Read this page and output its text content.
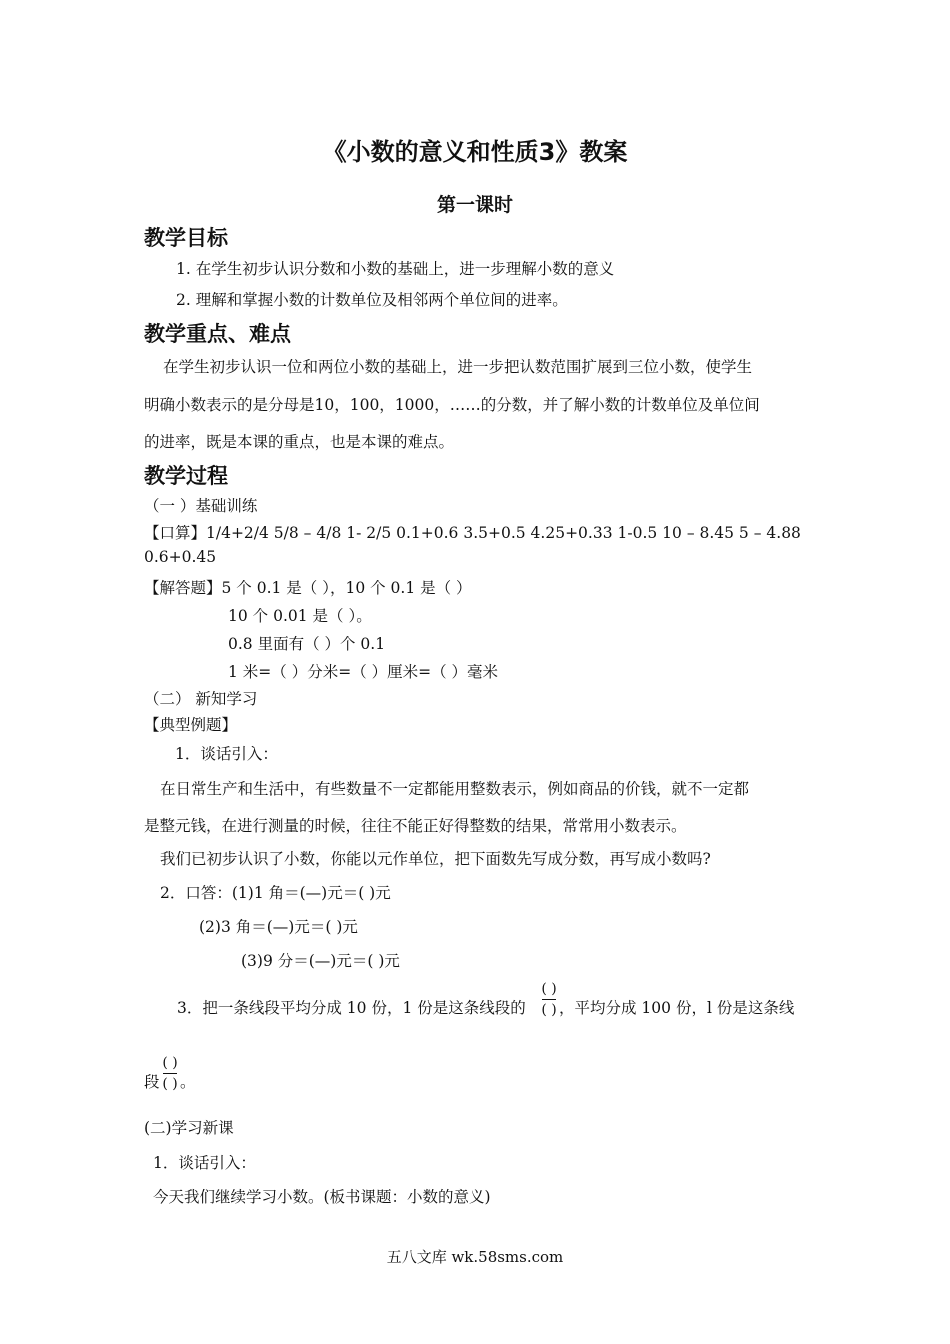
《小数的意义和性质3》教案
第一课时
教学目标
1. 在学生初步认识分数和小数的基础上，进一步理解小数的意义
2. 理解和掌握小数的计数单位及相邻两个单位间的进率。
教学重点、难点
在学生初步认识一位和两位小数的基础上，进一步把认数范围扩展到三位小数，使学生
明确小数表示的是分母是10，100，1000，……的分数，并了解小数的计数单位及单位间
的进率，既是本课的重点，也是本课的难点。
教学过程
（一 ）基础训练
【口算】1/4+2/4 5/8 – 4/8 1- 2/5 0.1+0.6 3.5+0.5 4.25+0.33 1-0.5 10 – 8.45 5 – 4.88
0.6+0.45
【解答题】5 个 0.1 是（ ），10 个 0.1 是（ ）
10 个 0.01 是（ ）。
0.8 里面有（ ）个 0.1
1 米=（ ）分米=（ ）厘米=（ ）毫米
（二） 新知学习
【典型例题】
1．谈话引入：
在日常生产和生活中，有些数量不一定都能用整数表示，例如商品的价钱，就不一定都
是整元钱，在进行测量的时候，往往不能正好得整数的结果，常常用小数表示。
我们已初步认识了小数，你能以元作单位，把下面数先写成分数，再写成小数吗?
2．口答：(1)1 角＝(—)元＝( )元
(2)3 角＝(—)元＝( )元
(3)9 分＝(—)元＝( )元
3．把一条线段平均分成 10 份，1 份是这条线段的
( )
( ) ，平均分成 100 份，l 份是这条线
段
( )
( ) 。
(二)学习新课
1．谈话引入：
今天我们继续学习小数。(板书课题：小数的意义)
五八文库 wk.58sms.com
